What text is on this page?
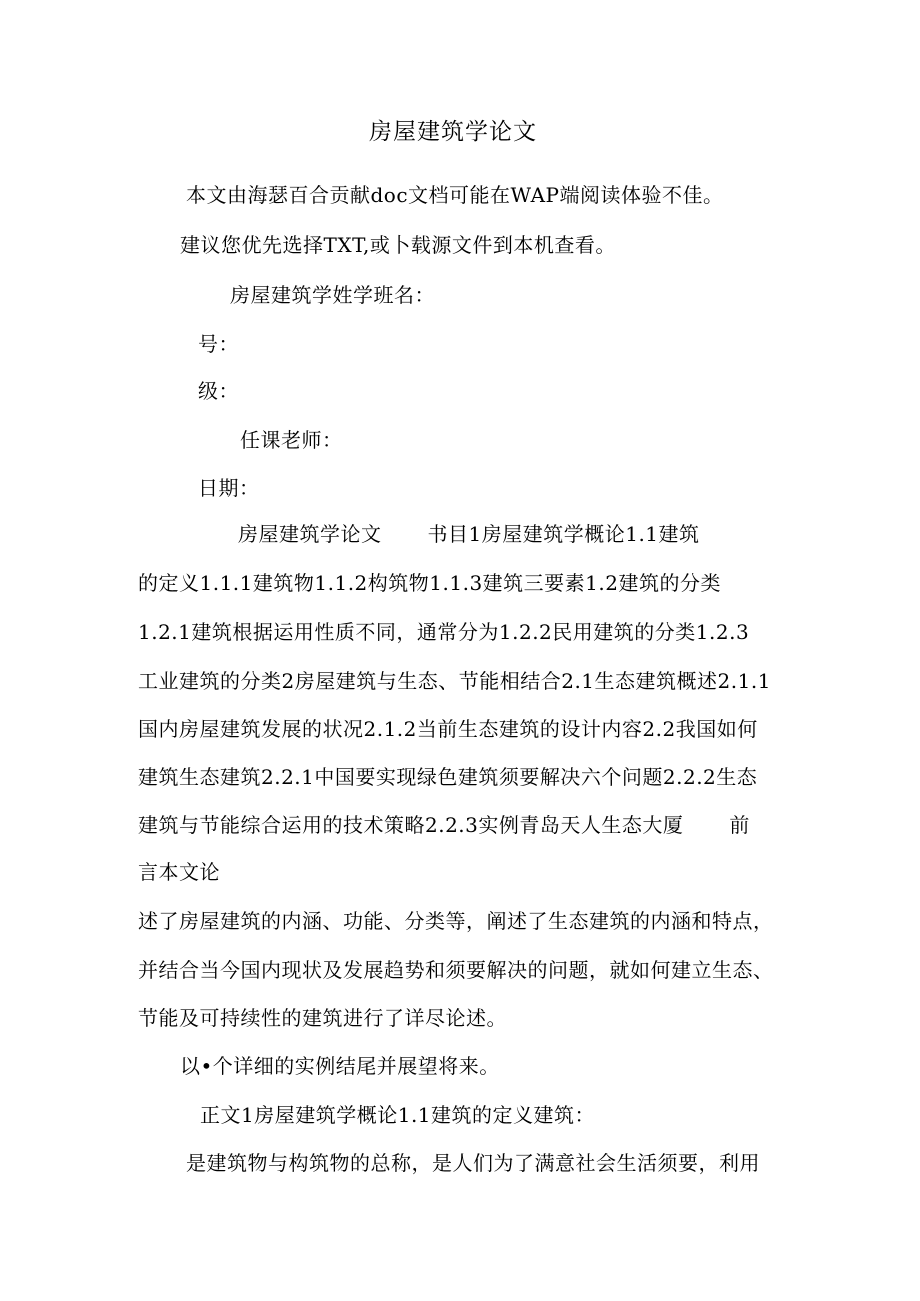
房屋建筑学论文
本文由海瑟百合贡献doc文档可能在WAP端阅读体验不佳。
建议您优先选择TXT,或卜载源文件到本机查看。
房屋建筑学姓学班名：
号：
级：
任课老师：
日期：
房屋建筑学论文 书目1房屋建筑学概论1.1建筑
的定义1.1.1建筑物1.1.2构筑物1.1.3建筑三要素1.2建筑的分类
1.2.1建筑根据运用性质不同，通常分为1.2.2民用建筑的分类1.2.3
工业建筑的分类2房屋建筑与生态、节能相结合2.1生态建筑概述2.1.1
国内房屋建筑发展的状况2.1.2当前生态建筑的设计内容2.2我国如何
建筑生态建筑2.2.1中国要实现绿色建筑须要解决六个问题2.2.2生态
建筑与节能综合运用的技术策略2.2.3实例青岛天人生态大厦 前
言本文论
述了房屋建筑的内涵、功能、分类等，阐述了生态建筑的内涵和特点，
并结合当今国内现状及发展趋势和须要解决的问题，就如何建立生态、
节能及可持续性的建筑进行了详尽论述。
以•个详细的实例结尾并展望将来。
正文1房屋建筑学概论1.1建筑的定义建筑：
是建筑物与构筑物的总称，是人们为了满意社会生活须要，利用
